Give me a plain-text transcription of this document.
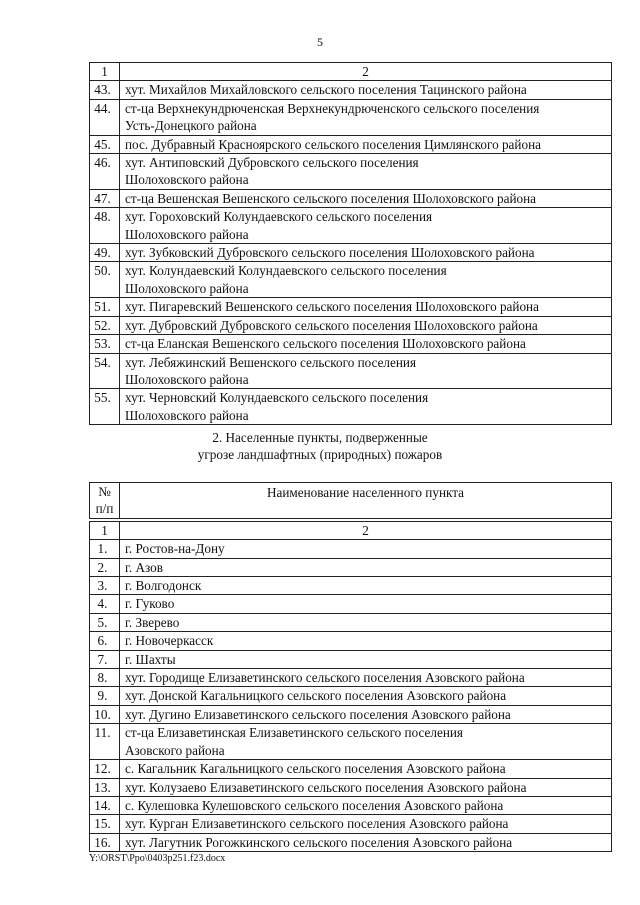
5
1	2
43.	хут. Михайлов Михайловского сельского поселения Тацинского района

44.	ст-ца Верхнекундрюченская Верхнекундрюченского сельского поселения
Усть-Донецкого района

45.	пос. Дубравный Красноярского сельского поселения Цимлянского района

46.	хут. Антиповский Дубровского сельского поселения
Шолоховского района

47.	ст-ца Вешенская Вешенского сельского поселения Шолоховского района

48.	хут. Гороховский Колундаевского сельского поселения
Шолоховского района

49.	хут. Зубковский Дубровского сельского поселения Шолоховского района

50.	хут. Колундаевский Колундаевского сельского поселения
Шолоховского района

51.	хут. Пигаревский Вешенского сельского поселения Шолоховского района

52.	хут. Дубровский Дубровского сельского поселения Шолоховского района

53.	ст-ца Еланская Вешенского сельского поселения Шолоховского района

54.	хут. Лебяжинский Вешенского сельского поселения
Шолоховского района

55.	хут. Черновский Колундаевского сельского поселения
Шолоховского района
2. Населенные пункты, подверженные
угрозе ландшафтных (природных) пожаров
№
п/п	Наименование населенного пункта

1	2
1.	г. Ростов-на-Дону

2.	г. Азов

3.	г. Волгодонск

4.	г. Гуково

5.	г. Зверево

6.	г. Новочеркасск

7.	г. Шахты

8.	хут. Городище Елизаветинского сельского поселения Азовского района

9.	хут. Донской Кагальницкого сельского поселения Азовского района

10.	хут. Дугино Елизаветинского сельского поселения Азовского района

11.	ст-ца Елизаветинская Елизаветинского сельского поселения
Азовского района

12.	с. Кагальник Кагальницкого сельского поселения Азовского района

13.	хут. Колузаево Елизаветинского сельского поселения Азовского района

14.	с. Кулешовка Кулешовского сельского поселения Азовского района

15.	хут. Курган Елизаветинского сельского поселения Азовского района

16.	хут. Лагутник Рогожкинского сельского поселения Азовского района
Y:\ORST\Ppo\0403p251.f23.docx
